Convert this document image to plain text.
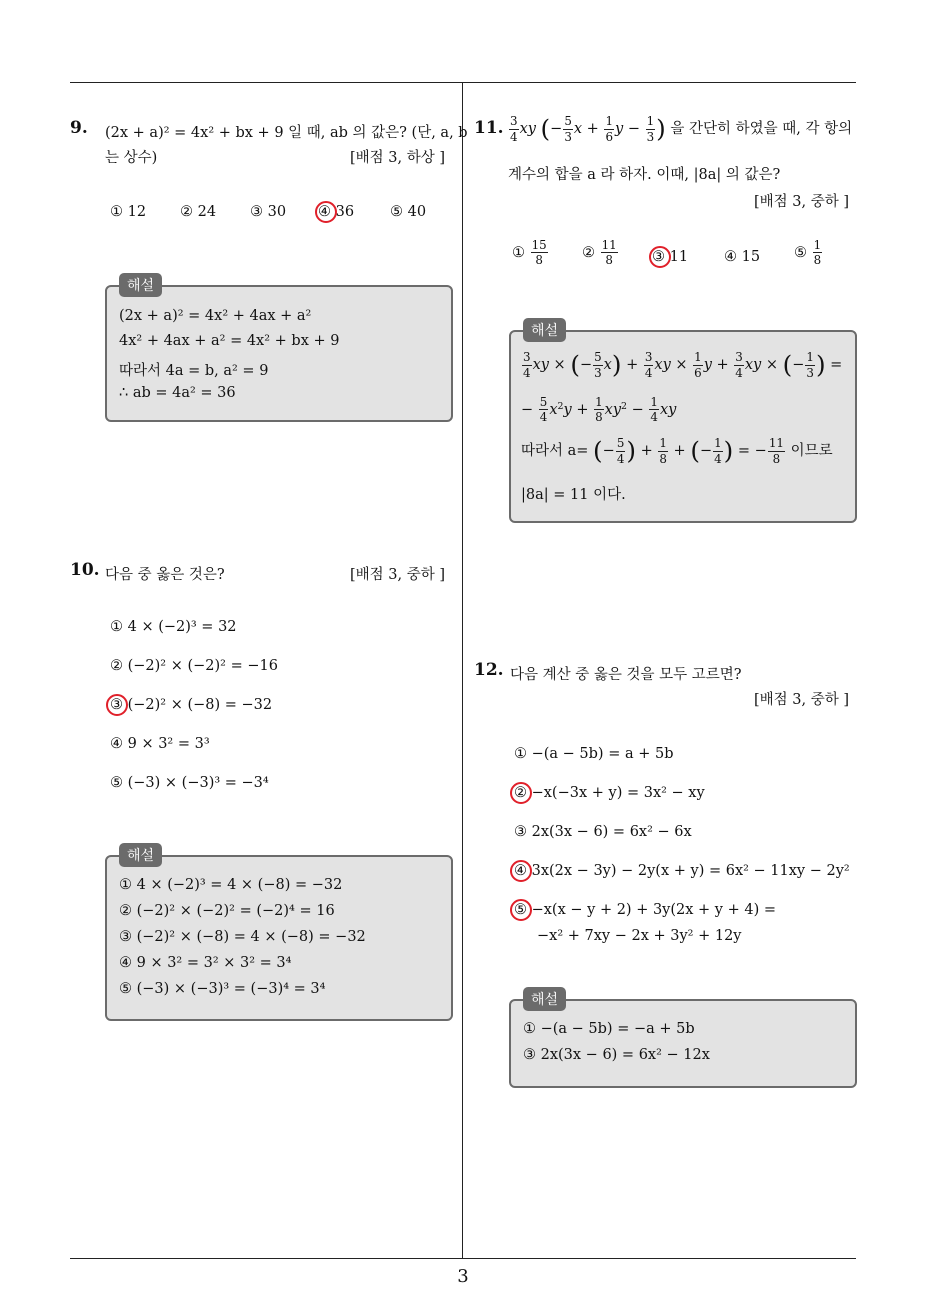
3
9. (2x + a)² = 4x² + bx + 9 일 때, ab 의 값은? (단, a, b
는 상수)	[배점 3, 하상 ]
① 12 ② 24 ③ 30 ④ 36 ⑤ 40
해설
(2x + a)² = 4x² + 4ax + a²
4x² + 4ax + a² = 4x² + bx + 9
따라서 4a = b, a² = 9
∴ ab = 4a² = 36
10. 다음 중 옳은 것은?	[배점 3, 중하 ]
① 4 × (−2)³ = 32
② (−2)² × (−2)² = −16
③ (−2)² × (−8) = −32
④ 9 × 3² = 3³
⑤ (−3) × (−3)³ = −3⁴
해설
① 4 × (−2)³ = 4 × (−8) = −32
② (−2)² × (−2)² = (−2)⁴ = 16
③ (−2)² × (−8) = 4 × (−8) = −32
④ 9 × 3² = 3² × 3² = 3⁴
⑤ (−3) × (−3)³ = (−3)⁴ = 3⁴
11. $\frac{3}{4}$ xy (− $\frac{5}{3}$ $x + \frac{1}{6}$ $y - \frac{1}{3}$ ) 을 간단히 하였을 때, 각 항의
계수의 합을 a 라 하자. 이때, |8a| 의 값은?
[배점 3, 중하 ]
① $\frac{15}{8}$ ② $\frac{11}{8}$ ③ 11 ④ 15 ⑤ $\frac{1}{8}$
해설
$\frac{3}{4}$ xy × (− $\frac{5}{3} x) + \frac{3}{4}$ xy × $\frac{1}{6}$ $y + \frac{3}{4}$ xy × (− $\frac{1}{3}$ ) =
− $\frac{5}{4} x^2y + \frac{1}{8} xy^2 - \frac{1}{4}$ xy
따라서 a= (− $\frac{5}{4}$ ) + $\frac{1}{8}$ + (− $\frac{1}{4}$ ) = − $\frac{11}{8}$ 이므로
|8a| = 11 이다.
12. 다음 계산 중 옳은 것을 모두 고르면?
[배점 3, 중하 ]
① −(a − 5b) = a + 5b
② −x(−3x + y) = 3x² − xy
③ 2x(3x − 6) = 6x² − 6x
④ 3x(2x − 3y) − 2y(x + y) = 6x² − 11xy − 2y²
⑤ −x(x − y + 2) + 3y(2x + y + 4) =
−x² + 7xy − 2x + 3y² + 12y
해설
① −(a − 5b) = −a + 5b
③ 2x(3x − 6) = 6x² − 12x
